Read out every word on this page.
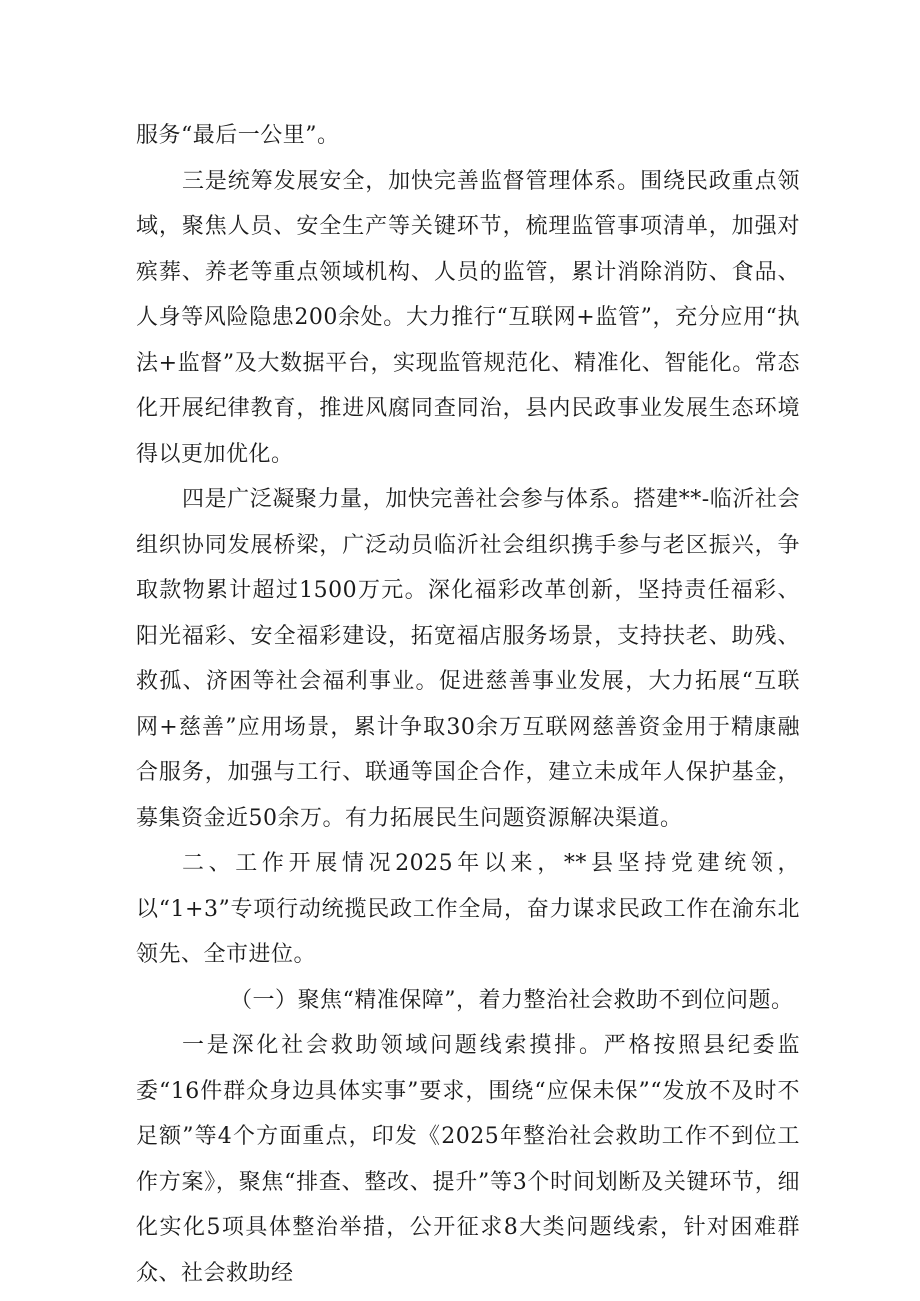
服务“最后一公里”。

三是统筹发展安全，加快完善监督管理体系。围绕民政重点领域，聚焦人员、安全生产等关键环节，梳理监管事项清单，加强对殡葬、养老等重点领域机构、人员的监管，累计消除消防、食品、人身等风险隐患200余处。大力推行“互联网+监管”，充分应用“执法+监督”及大数据平台，实现监管规范化、精准化、智能化。常态化开展纪律教育，推进风腐同查同治，县内民政事业发展生态环境得以更加优化。

四是广泛凝聚力量，加快完善社会参与体系。搭建**-临沂社会组织协同发展桥梁，广泛动员临沂社会组织携手参与老区振兴，争取款物累计超过1500万元。深化福彩改革创新，坚持责任福彩、阳光福彩、安全福彩建设，拓宽福店服务场景，支持扶老、助残、救孤、济困等社会福利事业。促进慈善事业发展，大力拓展“互联网+慈善”应用场景，累计争取30余万互联网慈善资金用于精康融合服务，加强与工行、联通等国企合作，建立未成年人保护基金，募集资金近50余万。有力拓展民生问题资源解决渠道。

二、工作开展情况2025年以来，**县坚持党建统领，以“1+3”专项行动统揽民政工作全局，奋力谋求民政工作在渝东北领先、全市进位。

（一）聚焦“精准保障”，着力整治社会救助不到位问题。

一是深化社会救助领域问题线索摸排。严格按照县纪委监委“16件群众身边具体实事”要求，围绕“应保未保”“发放不及时不足额”等4个方面重点，印发《2025年整治社会救助工作不到位工作方案》，聚焦“排查、整改、提升”等3个时间划断及关键环节，细化实化5项具体整治举措，公开征求8大类问题线索，针对困难群众、社会救助经
